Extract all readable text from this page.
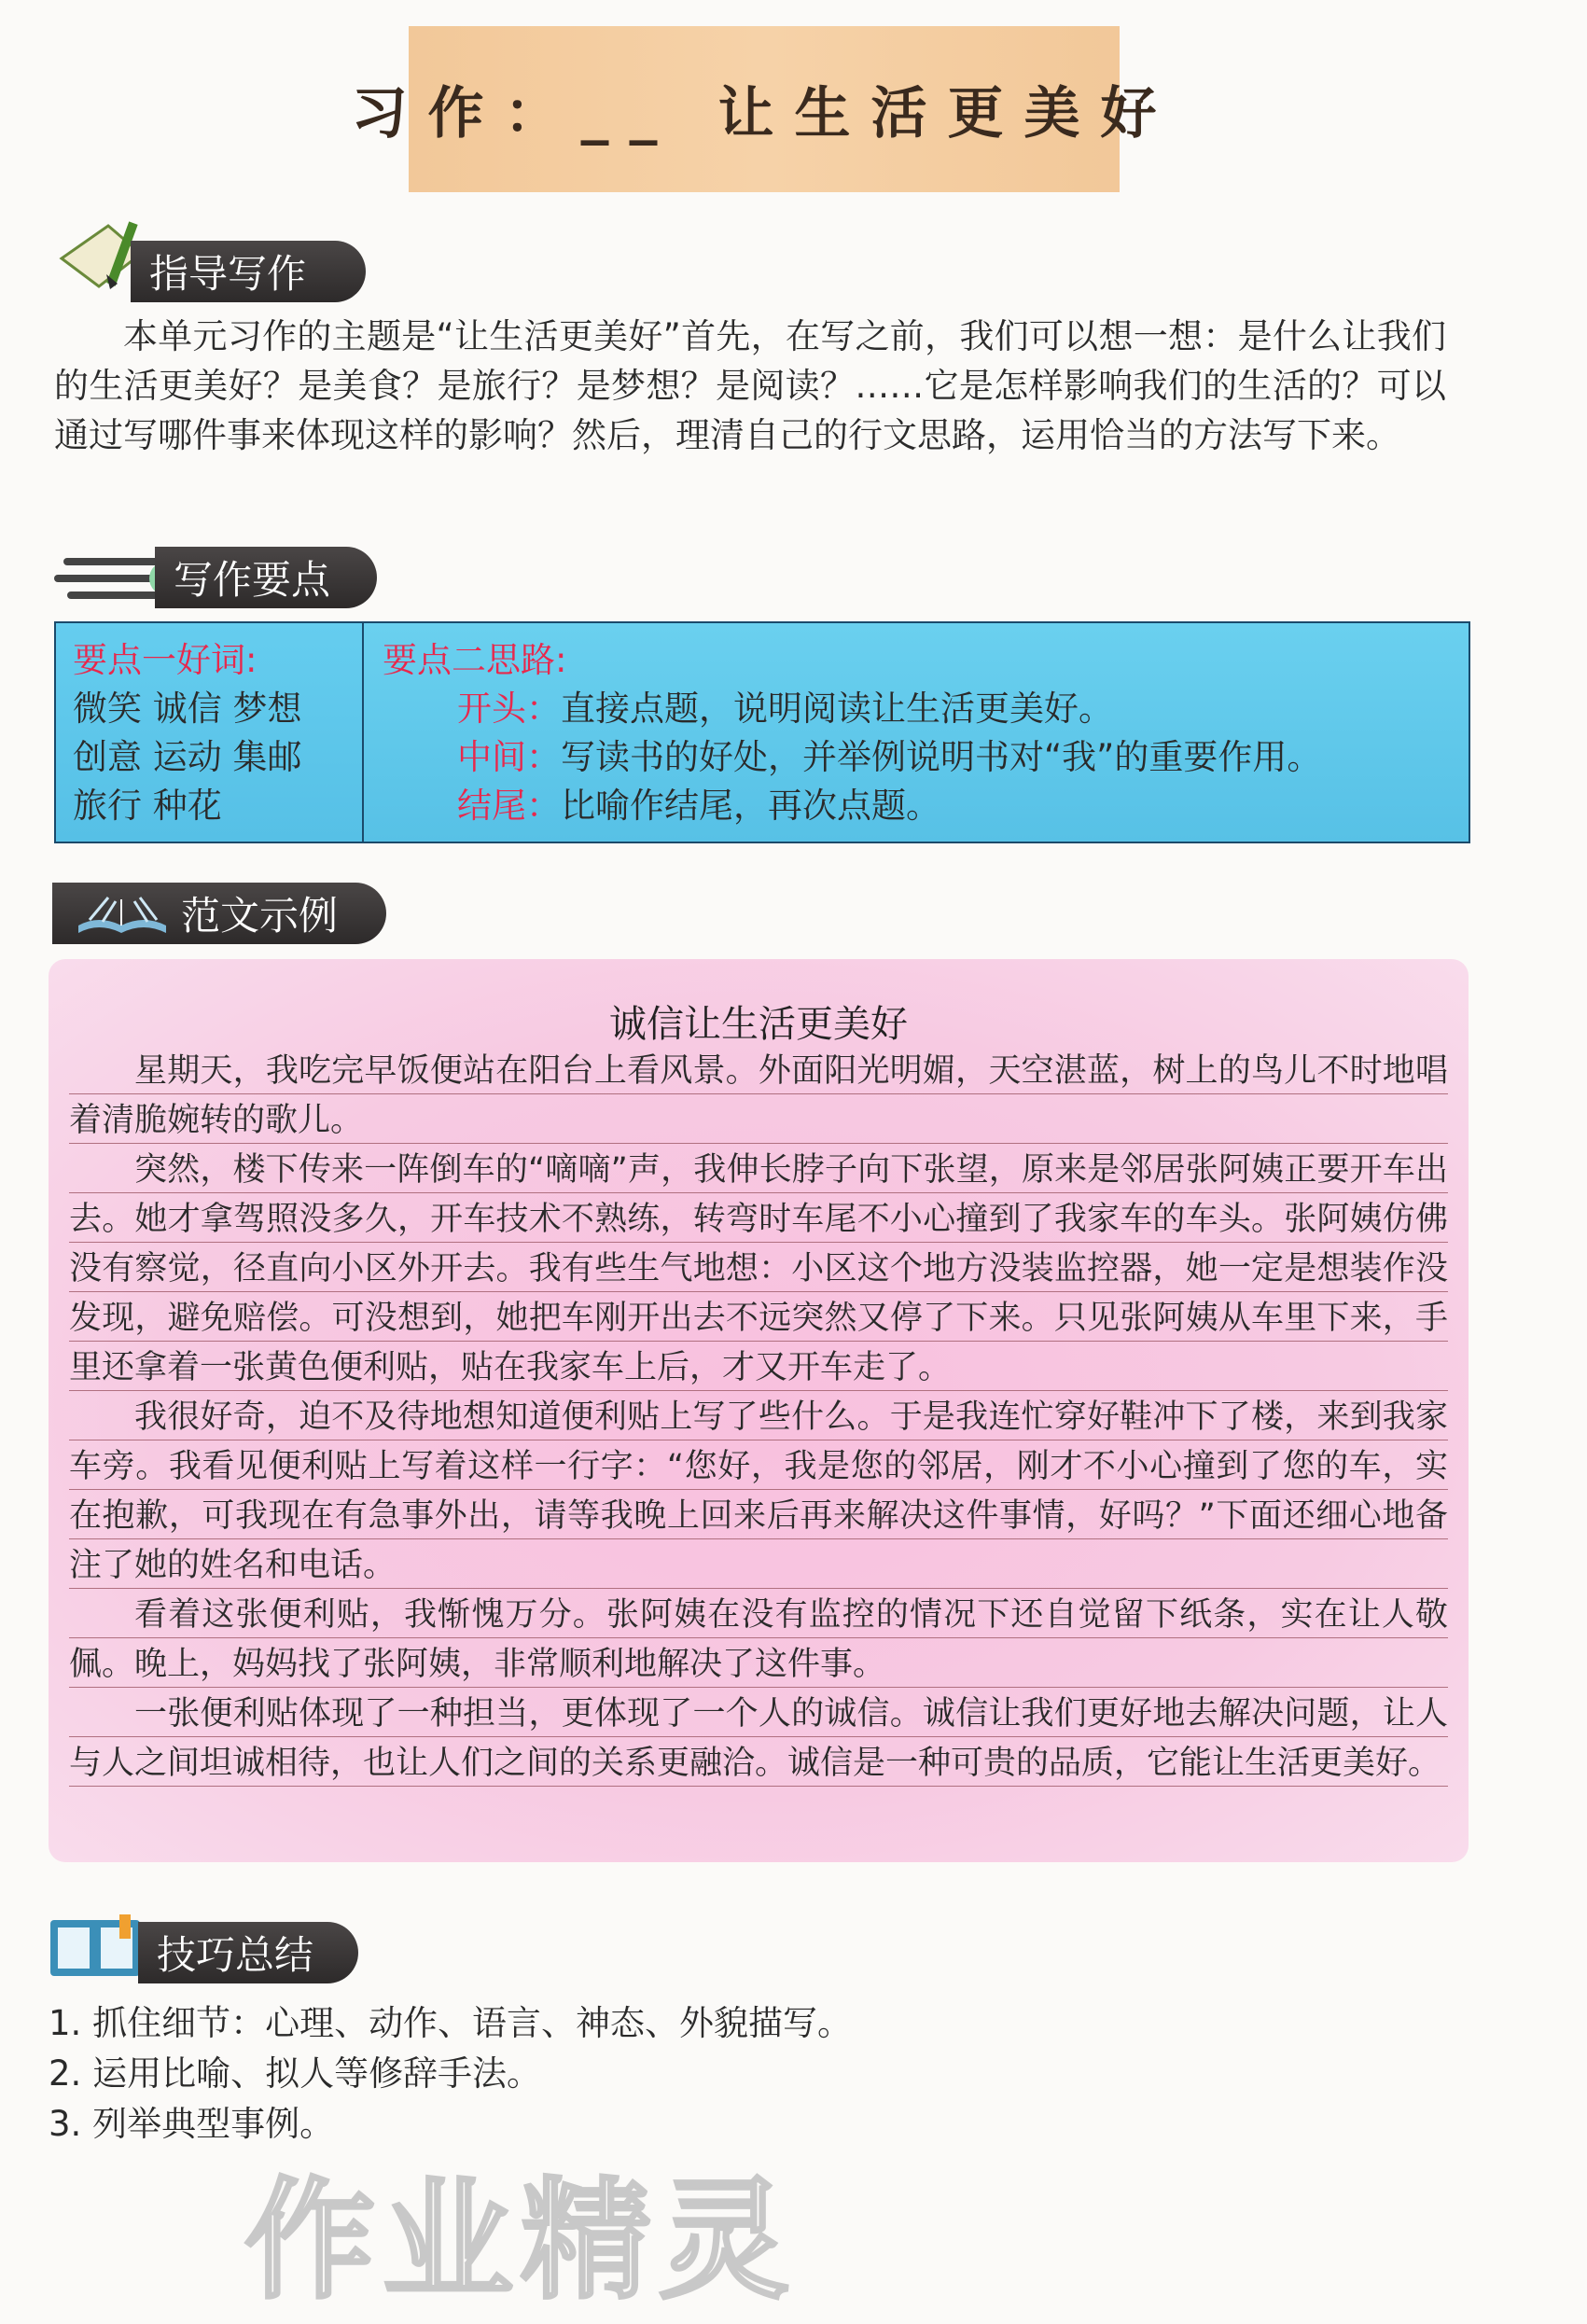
习作：__ 让生活更美好
指导写作

本单元习作的主题是“让生活更美好”首先，在写之前，我们可以想一想：是什么让我们的生活更美好？是美食？是旅行？是梦想？是阅读？……它是怎样影响我们的生活的？可以通过写哪件事来体现这样的影响？然后，理清自己的行文思路，运用恰当的方法写下来。

写作要点
要点一好词:
微笑 诚信 梦想
创意 运动 集邮
旅行 种花
要点二思路:
开头：直接点题，说明阅读让生活更美好。
中间：写读书的好处，并举例说明书对“我”的重要作用。
结尾：比喻作结尾，再次点题。
范文示例
诚信让生活更美好

星期天，我吃完早饭便站在阳台上看风景。外面阳光明媚，天空湛蓝，树上的鸟儿不时地唱着清脆婉转的歌儿。

突然，楼下传来一阵倒车的“嘀嘀”声，我伸长脖子向下张望，原来是邻居张阿姨正要开车出去。她才拿驾照没多久，开车技术不熟练，转弯时车尾不小心撞到了我家车的车头。张阿姨仿佛没有察觉，径直向小区外开去。我有些生气地想：小区这个地方没装监控器，她一定是想装作没发现，避免赔偿。可没想到，她把车刚开出去不远突然又停了下来。只见张阿姨从车里下来，手里还拿着一张黄色便利贴，贴在我家车上后，才又开车走了。

我很好奇，迫不及待地想知道便利贴上写了些什么。于是我连忙穿好鞋冲下了楼，来到我家车旁。我看见便利贴上写着这样一行字：“您好，我是您的邻居，刚才不小心撞到了您的车，实在抱歉，可我现在有急事外出，请等我晚上回来后再来解决这件事情，好吗？”下面还细心地备注了她的姓名和电话。

看着这张便利贴，我惭愧万分。张阿姨在没有监控的情况下还自觉留下纸条，实在让人敬佩。晚上，妈妈找了张阿姨，非常顺利地解决了这件事。

一张便利贴体现了一种担当，更体现了一个人的诚信。诚信让我们更好地去解决问题，让人与人之间坦诚相待，也让人们之间的关系更融洽。诚信是一种可贵的品质，它能让生活更美好。

技巧总结
1. 抓住细节：心理、动作、语言、神态、外貌描写。
2. 运用比喻、拟人等修辞手法。
3. 列举典型事例。
作业精灵
